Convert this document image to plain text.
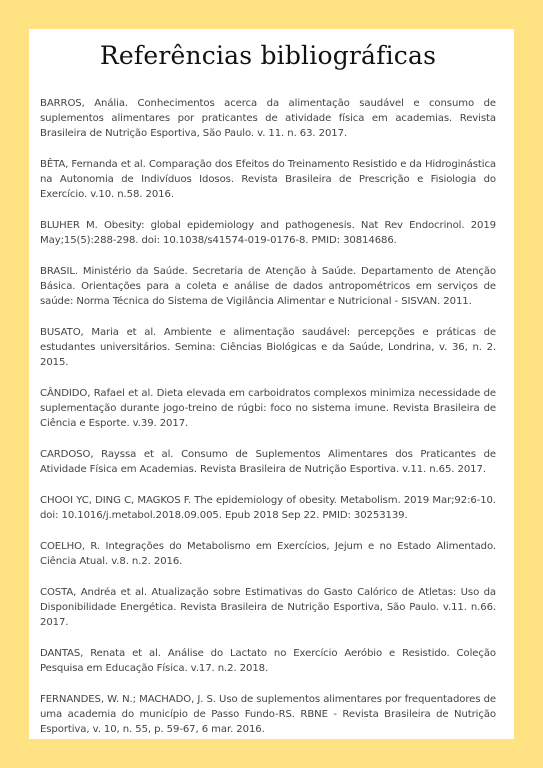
Referências bibliográficas
BARROS, Anália. Conhecimentos acerca da alimentação saudável e consumo de suplementos alimentares por praticantes de atividade física em academias. Revista Brasileira de Nutrição Esportiva, São Paulo. v. 11. n. 63. 2017.
BÊTA, Fernanda et al. Comparação dos Efeitos do Treinamento Resistido e da Hidroginástica na Autonomia de Indivíduos Idosos. Revista Brasileira de Prescrição e Fisiologia do Exercício. v.10. n.58. 2016.
BLUHER M. Obesity: global epidemiology and pathogenesis. Nat Rev Endocrinol. 2019 May;15(5):288-298. doi: 10.1038/s41574-019-0176-8. PMID: 30814686.
BRASIL. Ministério da Saúde. Secretaria de Atenção à Saúde. Departamento de Atenção Básica. Orientações para a coleta e análise de dados antropométricos em serviços de saúde: Norma Técnica do Sistema de Vigilância Alimentar e Nutricional - SISVAN. 2011.
BUSATO, Maria et al. Ambiente e alimentação saudável: percepções e práticas de estudantes universitários. Semina: Ciências Biológicas e da Saúde, Londrina, v. 36, n. 2. 2015.
CÂNDIDO, Rafael et al. Dieta elevada em carboidratos complexos minimiza necessidade de suplementação durante jogo-treino de rúgbi: foco no sistema imune. Revista Brasileira de Ciência e Esporte. v.39. 2017.
CARDOSO, Rayssa et al. Consumo de Suplementos Alimentares dos Praticantes de Atividade Física em Academias. Revista Brasileira de Nutrição Esportiva. v.11. n.65. 2017.
CHOOI YC, DING C, MAGKOS F. The epidemiology of obesity. Metabolism. 2019 Mar;92:6-10. doi: 10.1016/j.metabol.2018.09.005. Epub 2018 Sep 22. PMID: 30253139.
COELHO, R. Integrações do Metabolismo em Exercícios, Jejum e no Estado Alimentado. Ciência Atual. v.8. n.2. 2016.
COSTA, Andréa et al. Atualização sobre Estimativas do Gasto Calórico de Atletas: Uso da Disponibilidade Energética. Revista Brasileira de Nutrição Esportiva, São Paulo. v.11. n.66. 2017.
DANTAS, Renata et al. Análise do Lactato no Exercício Aeróbio e Resistido. Coleção Pesquisa em Educação Física. v.17. n.2. 2018.
FERNANDES, W. N.; MACHADO, J. S. Uso de suplementos alimentares por frequentadores de uma academia do município de Passo Fundo-RS. RBNE - Revista Brasileira de Nutrição Esportiva, v. 10, n. 55, p. 59-67, 6 mar. 2016.
